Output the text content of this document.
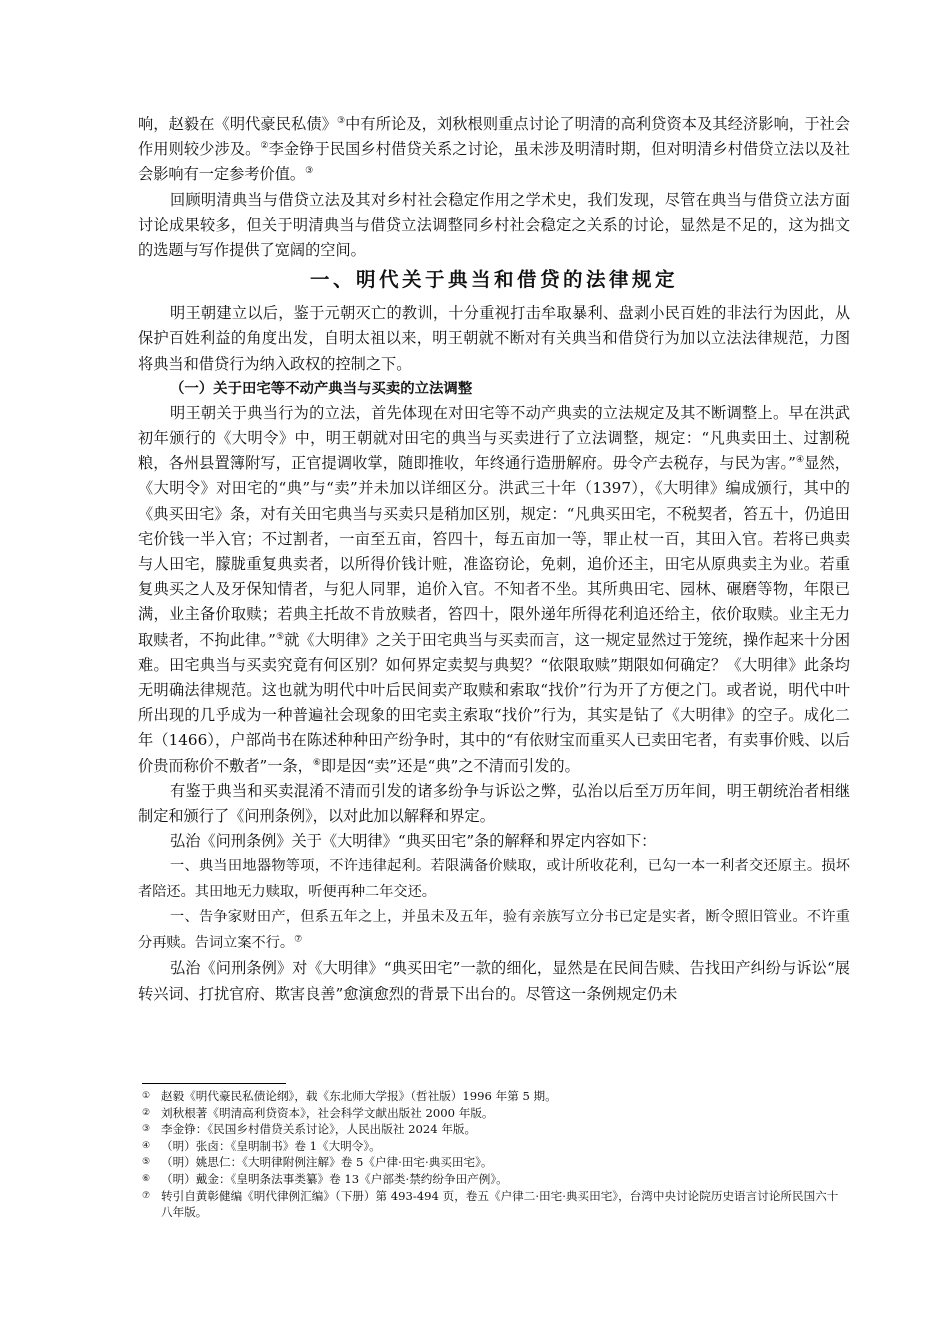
响，赵毅在《明代豪民私债》③中有所论及，刘秋根则重点讨论了明清的高利贷资本及其经济影响，于社会作用则较少涉及。②李金铮于民国乡村借贷关系之讨论，虽未涉及明清时期，但对明清乡村借贷立法以及社会影响有一定参考价值。③

回顾明清典当与借贷立法及其对乡村社会稳定作用之学术史，我们发现，尽管在典当与借贷立法方面讨论成果较多，但关于明清典当与借贷立法调整同乡村社会稳定之关系的讨论，显然是不足的，这为拙文的选题与写作提供了宽阔的空间。

一、明代关于典当和借贷的法律规定

明王朝建立以后，鉴于元朝灭亡的教训，十分重视打击牟取暴利、盘剥小民百姓的非法行为因此，从保护百姓利益的角度出发，自明太祖以来，明王朝就不断对有关典当和借贷行为加以立法法律规范，力图将典当和借贷行为纳入政权的控制之下。

（一）关于田宅等不动产典当与买卖的立法调整

明王朝关于典当行为的立法，首先体现在对田宅等不动产典卖的立法规定及其不断调整上。早在洪武初年颁行的《大明令》中，明王朝就对田宅的典当与买卖进行了立法调整，规定：“凡典卖田土、过割税粮，各州县置簿附写，正官提调收掌，随即推收，年终通行造册解府。毋令产去税存，与民为害。”④显然，《大明令》对田宅的“典”与“卖”并未加以详细区分。洪武三十年（1397），《大明律》编成颁行，其中的《典买田宅》条，对有关田宅典当与买卖只是稍加区别，规定：“凡典买田宅，不税契者，笞五十，仍追田宅价钱一半入官；不过割者，一亩至五亩，笞四十，每五亩加一等，罪止杖一百，其田入官。若将已典卖与人田宅，朦胧重复典卖者，以所得价钱计赃，准盗窃论，免刺，追价还主，田宅从原典卖主为业。若重复典买之人及牙保知情者，与犯人同罪，追价入官。不知者不坐。其所典田宅、园林、碾磨等物，年限已满，业主备价取赎；若典主托故不肯放赎者，笞四十，限外递年所得花利追还给主，依价取赎。业主无力取赎者，不拘此律。”⑤就《大明律》之关于田宅典当与买卖而言，这一规定显然过于笼统，操作起来十分困难。田宅典当与买卖究竟有何区别？如何界定卖契与典契？“依限取赎”期限如何确定？《大明律》此条均无明确法律规范。这也就为明代中叶后民间卖产取赎和索取“找价”行为开了方便之门。或者说，明代中叶所出现的几乎成为一种普遍社会现象的田宅卖主索取“找价”行为，其实是钻了《大明律》的空子。成化二年（1466），户部尚书在陈述种种田产纷争时，其中的“有依财宝而重买人已卖田宅者，有卖事价贱、以后价贵而称价不敷者”一条，⑥即是因“卖”还是“典”之不清而引发的。

有鉴于典当和买卖混淆不清而引发的诸多纷争与诉讼之弊，弘治以后至万历年间，明王朝统治者相继制定和颁行了《问刑条例》，以对此加以解释和界定。

弘治《问刑条例》关于《大明律》“典买田宅”条的解释和界定内容如下：

一、典当田地器物等项，不许违律起利。若限满备价赎取，或计所收花利，已勾一本一利者交还原主。损坏者陪还。其田地无力赎取，听便再种二年交还。

一、告争家财田产，但系五年之上，并虽未及五年，验有亲族写立分书已定是实者，断令照旧管业。不许重分再赎。告词立案不行。⑦

弘治《问刑条例》对《大明律》“典买田宅”一款的细化，显然是在民间告赎、告找田产纠纷与诉讼“展转兴词、打扰官府、欺害良善”愈演愈烈的背景下出台的。尽管这一条例规定仍未

① 赵毅《明代豪民私债论纲》，载《东北师大学报》（哲社版）1996 年第 5 期。

② 刘秋根著《明清高利贷资本》，社会科学文献出版社 2000 年版。

③ 李金铮：《民国乡村借贷关系讨论》，人民出版社 2024 年版。

④ （明）张卤：《皇明制书》卷 1《大明令》。

⑤ （明）姚思仁：《大明律附例注解》卷 5《户律·田宅·典买田宅》。

⑥ （明）戴金：《皇明条法事类纂》卷 13《户部类·禁约纷争田产例》。

⑦ 转引自黄彰健编《明代律例汇编》（下册）第 493-494 页，卷五《户律二·田宅·典买田宅》，台湾中央讨论院历史语言讨论所民国六十八年版。
